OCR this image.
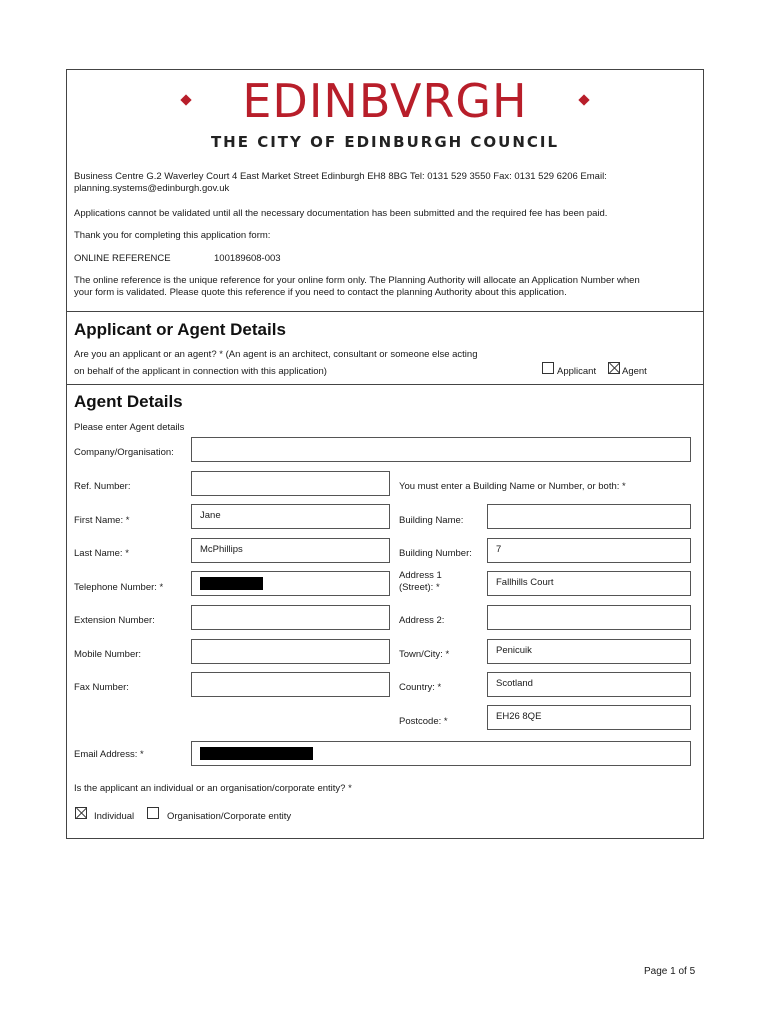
EDINBVRGH
THE CITY OF EDINBURGH COUNCIL
Business Centre G.2 Waverley Court 4 East Market Street Edinburgh EH8 8BG Tel: 0131 529 3550 Fax: 0131 529 6206 Email:
planning.systems@edinburgh.gov.uk
Applications cannot be validated until all the necessary documentation has been submitted and the required fee has been paid.
Thank you for completing this application form:
ONLINE REFERENCE	100189608-003
The online reference is the unique reference for your online form only. The Planning Authority will allocate an Application Number when
your form is validated. Please quote this reference if you need to contact the planning Authority about this application.
Applicant or Agent Details
Are you an applicant or an agent? * (An agent is an architect, consultant or someone else acting
on behalf of the applicant in connection with this application)	Applicant	Agent
Agent Details
Please enter Agent details
Company/Organisation:
Ref. Number:	You must enter a Building Name or Number, or both: *
First Name: *	Jane
Last Name: *	McPhillips
Telephone Number: *
Extension Number:
Mobile Number:
Fax Number:
Building Name:
Building Number:	7
Address 1
(Street): *	Fallhills Court
Address 2:
Town/City: *	Penicuik
Country: *	Scotland
Postcode: *	EH26 8QE
Email Address: *
Is the applicant an individual or an organisation/corporate entity? *
Individual	Organisation/Corporate entity
Page 1 of 5
